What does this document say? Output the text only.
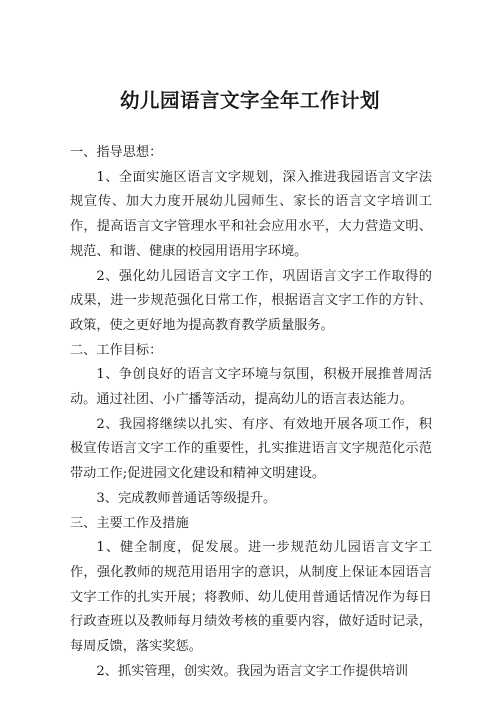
幼儿园语言文字全年工作计划

一、指导思想：

1、全面实施区语言文字规划，深入推进我园语言文字法规宣传、加大力度开展幼儿园师生、家长的语言文字培训工作，提高语言文字管理水平和社会应用水平，大力营造文明、规范、和谐、健康的校园用语用字环境。

2、强化幼儿园语言文字工作，巩固语言文字工作取得的成果，进一步规范强化日常工作，根据语言文字工作的方针、政策，使之更好地为提高教育教学质量服务。

二、工作目标：

1、争创良好的语言文字环境与氛围，积极开展推普周活动。通过社团、小广播等活动，提高幼儿的语言表达能力。

2、我园将继续以扎实、有序、有效地开展各项工作，积极宣传语言文字工作的重要性，扎实推进语言文字规范化示范带动工作;促进园文化建设和精神文明建设。

3、完成教师普通话等级提升。

三、主要工作及措施

1、健全制度，促发展。进一步规范幼儿园语言文字工作，强化教师的规范用语用字的意识，从制度上保证本园语言文字工作的扎实开展；将教师、幼儿使用普通话情况作为每日行政查班以及教师每月绩效考核的重要内容，做好适时记录，每周反馈，落实奖惩。

2、抓实管理，创实效。我园为语言文字工作提供培训
